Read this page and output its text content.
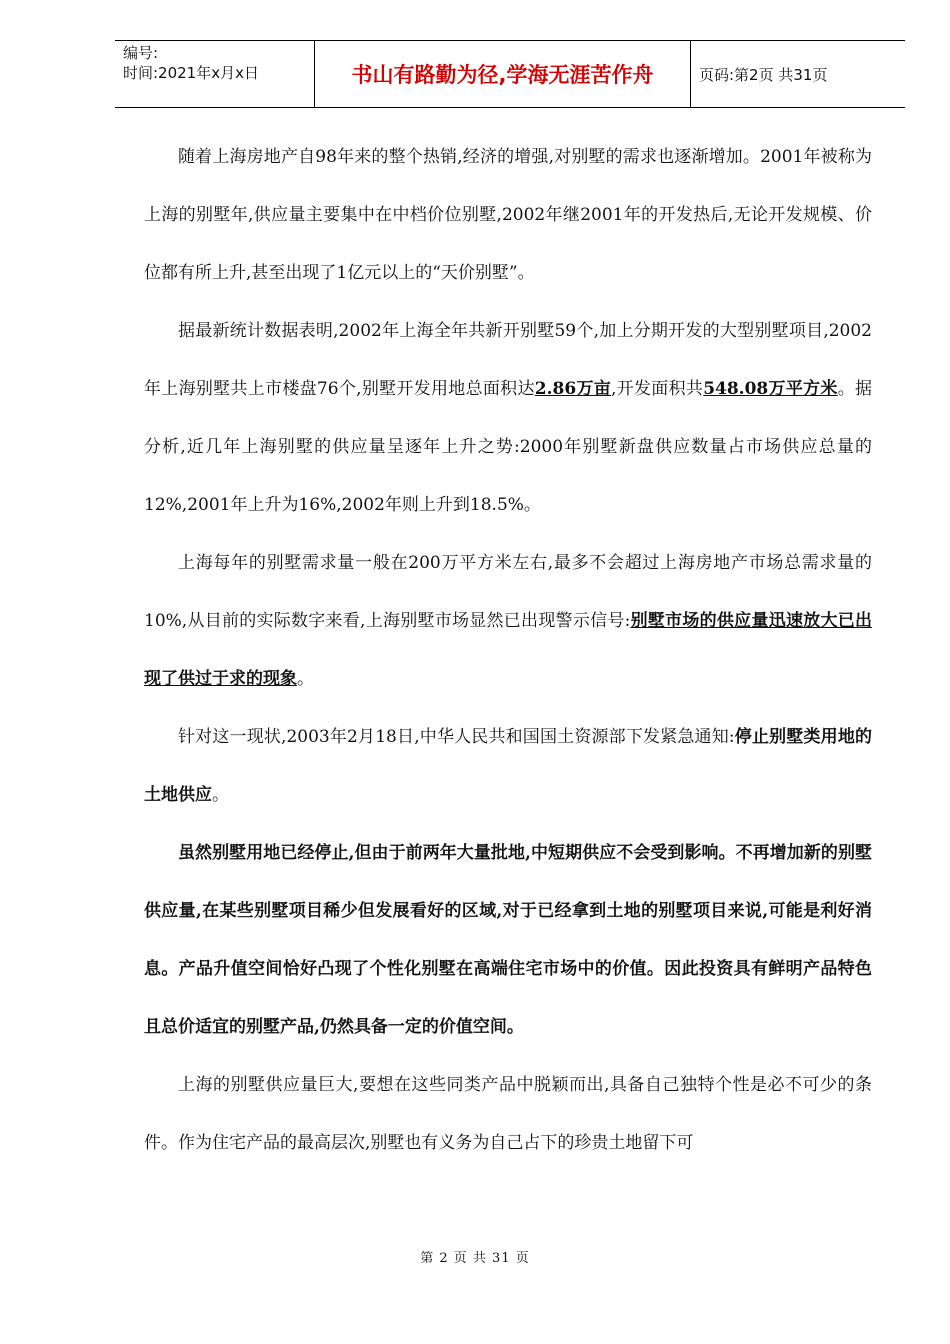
编号:
时间:2021年x月x日	书山有路勤为径,学海无涯苦作舟	页码:第2页 共31页

随着上海房地产自98年来的整个热销,经济的增强,对别墅的需求也逐渐增加。2001年被称为上海的别墅年,供应量主要集中在中档价位别墅,2002年继2001年的开发热后,无论开发规模、价位都有所上升,甚至出现了1亿元以上的“天价别墅”。

据最新统计数据表明,2002年上海全年共新开别墅59个,加上分期开发的大型别墅项目,2002年上海别墅共上市楼盘76个,别墅开发用地总面积达2.86万亩,开发面积共548.08万平方米。据分析,近几年上海别墅的供应量呈逐年上升之势:2000年别墅新盘供应数量占市场供应总量的12%,2001年上升为16%,2002年则上升到18.5%。

上海每年的别墅需求量一般在200万平方米左右,最多不会超过上海房地产市场总需求量的10%,从目前的实际数字来看,上海别墅市场显然已出现警示信号:别墅市场的供应量迅速放大已出现了供过于求的现象。

针对这一现状,2003年2月18日,中华人民共和国国土资源部下发紧急通知:停止别墅类用地的土地供应。

虽然别墅用地已经停止,但由于前两年大量批地,中短期供应不会受到影响。不再增加新的别墅供应量,在某些别墅项目稀少但发展看好的区域,对于已经拿到土地的别墅项目来说,可能是利好消息。产品升值空间恰好凸现了个性化别墅在高端住宅市场中的价值。因此投资具有鲜明产品特色且总价适宜的别墅产品,仍然具备一定的价值空间。

上海的别墅供应量巨大,要想在这些同类产品中脱颖而出,具备自己独特个性是必不可少的条件。作为住宅产品的最高层次,别墅也有义务为自己占下的珍贵土地留下可

第 2 页 共 31 页
